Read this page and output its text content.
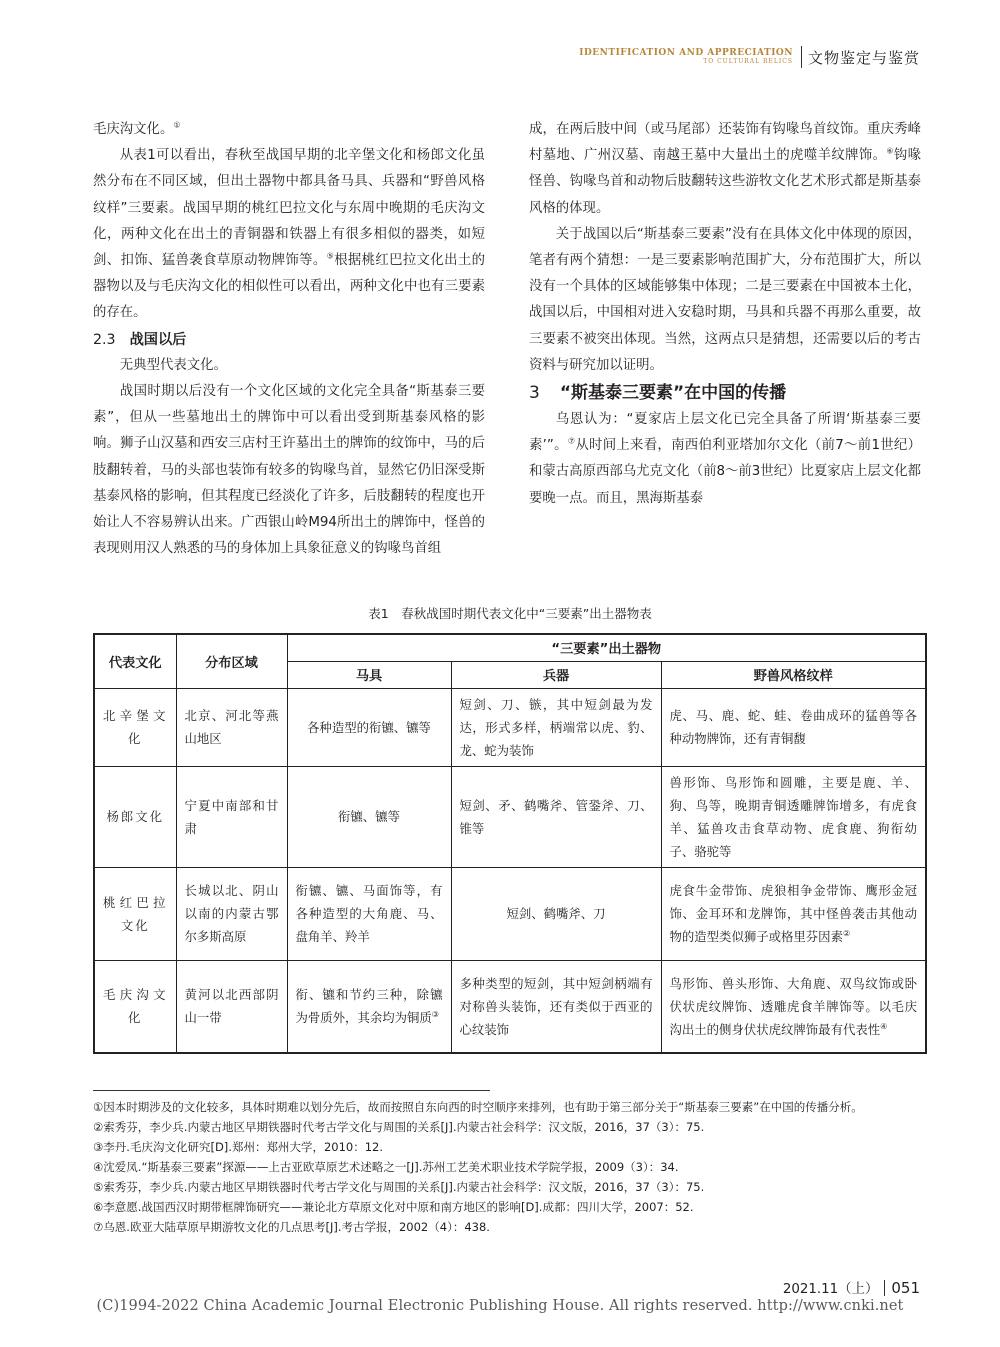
IDENTIFICATION AND APPRECIATION
TO CULTURAL RELICS 文物鉴定与鉴赏

毛庆沟文化。①

从表1可以看出，春秋至战国早期的北辛堡文化和杨郎文化虽然分布在不同区域，但出土器物中都具备马具、兵器和“野兽风格纹样”三要素。战国早期的桃红巴拉文化与东周中晚期的毛庆沟文化，两种文化在出土的青铜器和铁器上有很多相似的器类，如短剑、扣饰、猛兽袭食草原动物牌饰等。⑤根据桃红巴拉文化出土的器物以及与毛庆沟文化的相似性可以看出，两种文化中也有三要素的存在。

2.3 战国以后

无典型代表文化。

战国时期以后没有一个文化区域的文化完全具备“斯基泰三要素”，但从一些墓地出土的牌饰中可以看出受到斯基泰风格的影响。狮子山汉墓和西安三店村王许墓出土的牌饰的纹饰中，马的后肢翻转着，马的头部也装饰有较多的钩喙鸟首，显然它仍旧深受斯基泰风格的影响，但其程度已经淡化了许多，后肢翻转的程度也开始让人不容易辨认出来。广西银山岭M94所出土的牌饰中，怪兽的表现则用汉人熟悉的马的身体加上具象征意义的钩喙鸟首组

成，在两后肢中间（或马尾部）还装饰有钩喙鸟首纹饰。重庆秀峰村墓地、广州汉墓、南越王墓中大量出土的虎噬羊纹牌饰。⑥钩喙怪兽、钩喙鸟首和动物后肢翻转这些游牧文化艺术形式都是斯基泰风格的体现。

关于战国以后“斯基泰三要素”没有在具体文化中体现的原因，笔者有两个猜想：一是三要素影响范围扩大，分布范围扩大，所以没有一个具体的区域能够集中体现；二是三要素在中国被本土化，战国以后，中国相对进入安稳时期，马具和兵器不再那么重要，故三要素不被突出体现。当然，这两点只是猜想，还需要以后的考古资料与研究加以证明。

3 “斯基泰三要素”在中国的传播

乌恩认为：“夏家店上层文化已完全具备了所谓‘斯基泰三要素’”。⑦从时间上来看，南西伯利亚塔加尔文化（前7～前1世纪）和蒙古高原西部乌尤克文化（前8～前3世纪）比夏家店上层文化都要晚一点。而且，黑海斯基泰

表1　春秋战国时期代表文化中“三要素”出土器物表
代表文化	分布区域	“三要素”出土器物		
		马具	兵器	野兽风格纹样
北辛堡文化	北京、河北等燕山地区	各种造型的衔镳、镳等	短剑、刀、镞，其中短剑最为发达，形式多样，柄端常以虎、豹、龙、蛇为装饰	虎、马、鹿、蛇、蛙、卷曲成环的猛兽等各种动物牌饰，还有青铜馥
杨郎文化	宁夏中南部和甘肃	衔镳、镳等	短剑、矛、鹤嘴斧、管銎斧、刀、锥等	兽形饰、鸟形饰和圆雕，主要是鹿、羊、狗、鸟等，晚期青铜透雕牌饰增多，有虎食羊、猛兽攻击食草动物、虎食鹿、狗衔幼子、骆驼等
桃红巴拉文化	长城以北、阴山以南的内蒙古鄂尔多斯高原	衔镳、镳、马面饰等，有各种造型的大角鹿、马、盘角羊、羚羊	短剑、鹤嘴斧、刀	虎食牛金带饰、虎狼相争金带饰、鹰形金冠饰、金耳环和龙牌饰，其中怪兽袭击其他动物的造型类似狮子或格里芬因素②
毛庆沟文化	黄河以北西部阴山一带	衔、镳和节约三种，除镳为骨质外，其余均为铜质③	多种类型的短剑，其中短剑柄端有对称兽头装饰，还有类似于西亚的心纹装饰	鸟形饰、兽头形饰、大角鹿、双鸟纹饰或卧伏状虎纹牌饰、透雕虎食羊牌饰等。以毛庆沟出土的侧身伏状虎纹牌饰最有代表性④

①因本时期涉及的文化较多，具体时期难以划分先后，故而按照自东向西的时空顺序来排列，也有助于第三部分关于“斯基泰三要素”在中国的传播分析。

②索秀芬，李少兵.内蒙古地区早期铁器时代考古学文化与周围的关系[J].内蒙古社会科学：汉文版，2016，37（3）：75.

③李丹.毛庆沟文化研究[D].郑州：郑州大学，2010：12.

④沈爱凤.“斯基泰三要素”探源——上古亚欧草原艺术述略之一[J].苏州工艺美术职业技术学院学报，2009（3）：34.

⑤索秀芬，李少兵.内蒙古地区早期铁器时代考古学文化与周围的关系[J].内蒙古社会科学：汉文版，2016，37（3）：75.

⑥李意愿.战国西汉时期带框牌饰研究——兼论北方草原文化对中原和南方地区的影响[D].成都：四川大学，2007：52.

⑦乌恩.欧亚大陆草原早期游牧文化的几点思考[J].考古学报，2002（4）：438.

2021.11（上） 051
(C)1994-2022 China Academic Journal Electronic Publishing House. All rights reserved. http://www.cnki.net
